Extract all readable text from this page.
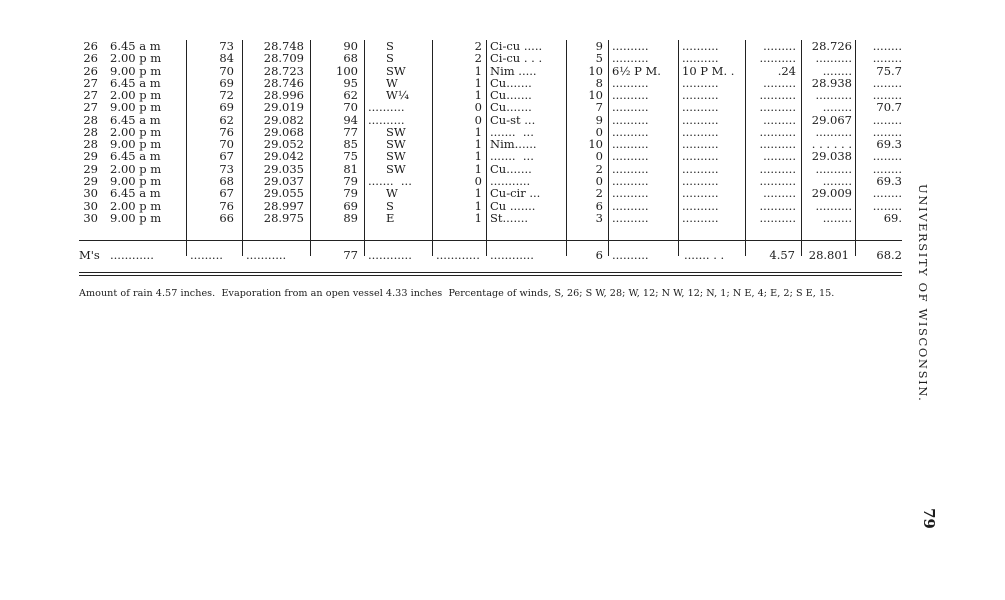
26 6.45 a m	73	28.748	90 S	2 Ci-cu .....	9 ..........	..........	.........	28.726	........
26 2.00 p m	84	28.709	68 S	2 Ci-cu . . .	5 ..........	..........	..........	..........	........
26 9.00 p m	70	28.723	100 SW	1 Nim .....	10 6½ P M.	10 P M. .	.24	........	75.7
27 6.45 a m	69	28.746	95 W	1 Cu.......	8 ..........	..........	.........	28.938	........
27 2.00 p m	72	28.996	62 W¼	1 Cu.......	10 ..........	..........	..........	..........	........
27 9.00 p m	69	29.019	70 ..........	0 Cu.......	7 ..........	..........	..........	........	70.7
28 6.45 a m	62	29.082	94 ..........	0 Cu-st ...	9 ..........	..........	.........	29.067	........
28 2.00 p m	76	29.068	77 SW	1 .......  ...	0 ..........	..........	..........	..........	........
28 9.00 p m	70	29.052	85 SW	1 Nim......	10 ..........	..........	..........	. . . . . .	69.3
29 6.45 a m	67	29.042	75 SW	1 .......  ...	0 ..........	..........	.........	29.038	........
29 2.00 p m	73	29.035	81 SW	1 Cu.......	2 ..........	..........	..........	..........	........
29 9.00 p m	68	29.037	79 .......  ...	0 ...........	0 ..........	..........	..........	........	69.3
30 6.45 a m	67	29.055	79 W	1 Cu-cir ...	2 ..........	..........	.........	29.009	........
30 2.00 p m	76	28.997	69 S	1 Cu .......	6 ..........	..........	..........	..........	........
30 9.00 p m	66	28.975	89 E	1 St.......	3 ..........	..........	..........	........	69.
M's ............	......... ...........	77 ............ ............ ............	6 ..........	....... . .	4.57	28.801	68.2
Amount of rain 4.57 inches.  Evaporation from an open vessel 4.33 inches  Percentage of winds, S, 26; S W, 28; W, 12; N W, 12; N, 1; N E, 4; E, 2; S E, 15.	UNIVERSITY OF WISCONSIN.
79
